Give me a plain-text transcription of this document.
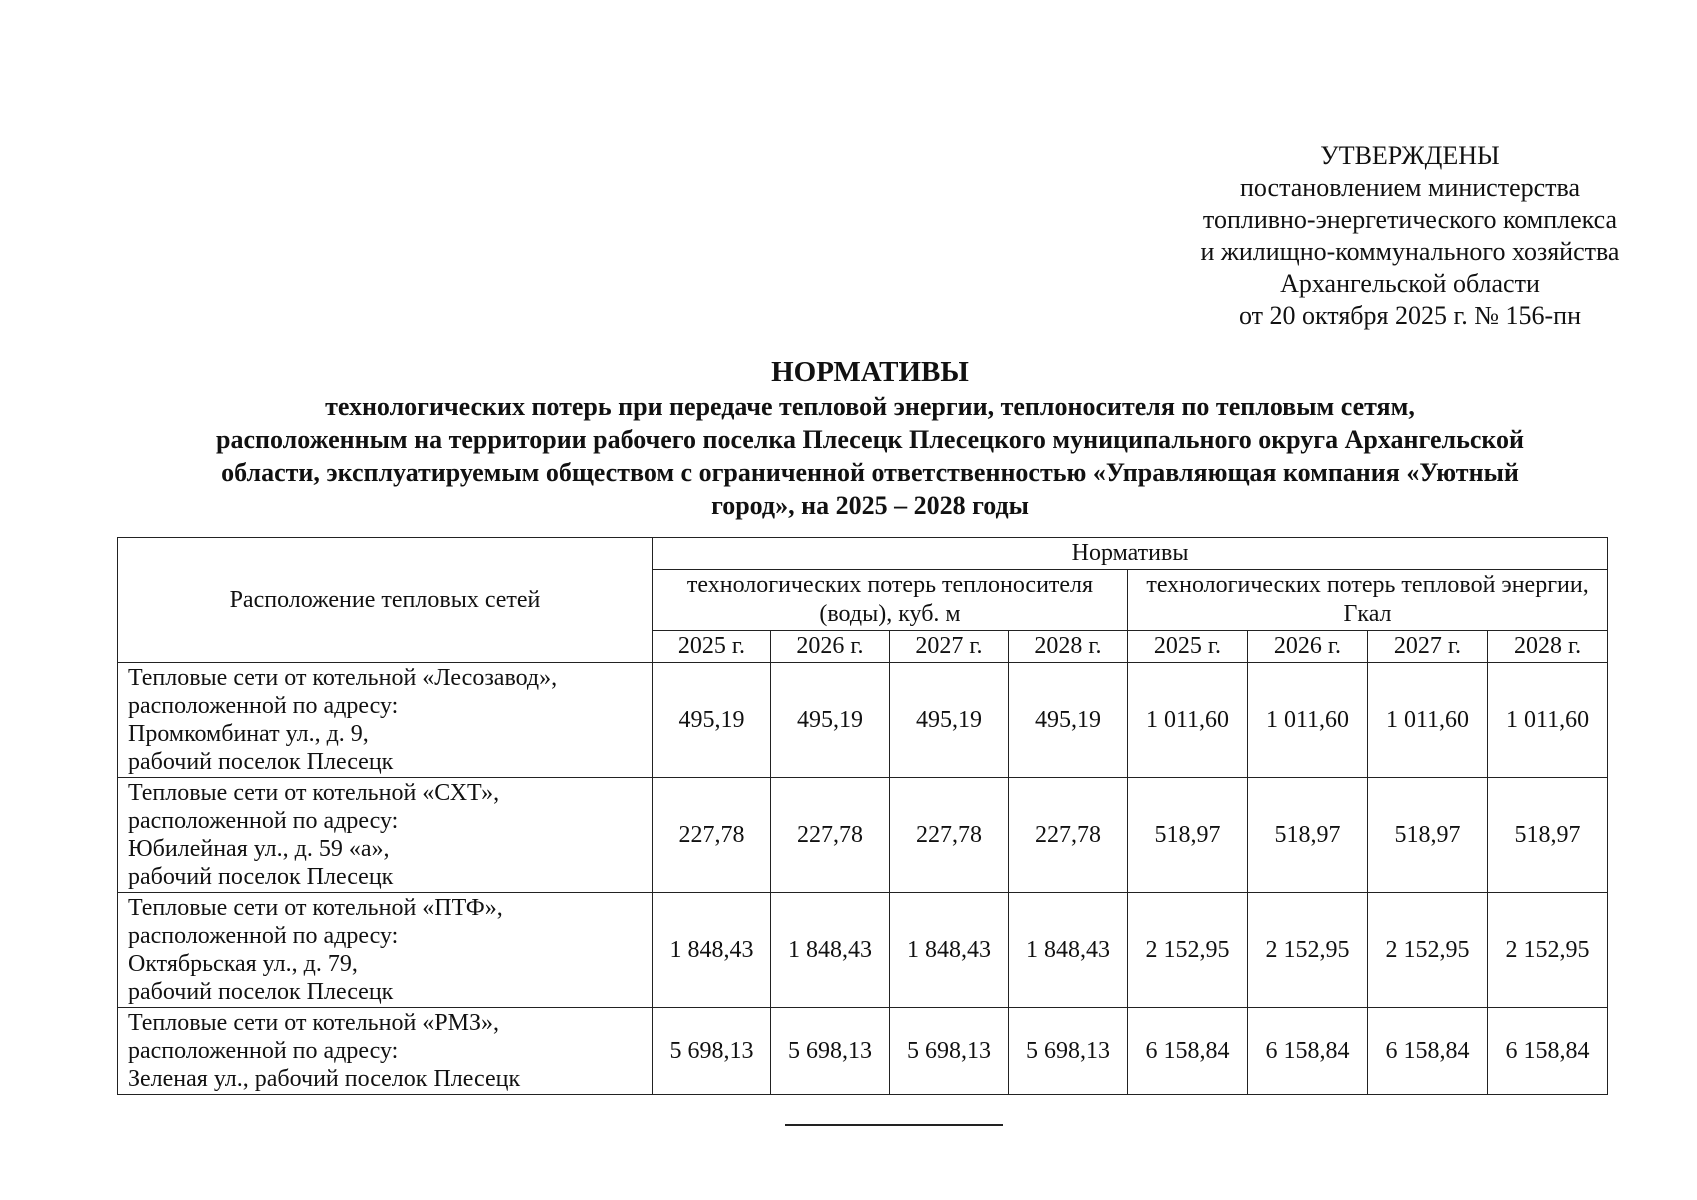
УТВЕРЖДЕНЫ
постановлением министерства
топливно-энергетического комплекса
и жилищно-коммунального хозяйства
Архангельской области
от 20 октября 2025 г. № 156-пн
НОРМАТИВЫ
технологических потерь при передаче тепловой энергии, теплоносителя по тепловым сетям,
расположенным на территории рабочего поселка Плесецк Плесецкого муниципального округа Архангельской
области, эксплуатируемым обществом с ограниченной ответственностью «Управляющая компания «Уютный
город», на 2025 – 2028 годы
Расположение тепловых сетей	Нормативы							
	технологических потерь теплоносителя (воды), куб. м				технологических потерь тепловой энергии, Гкал			
	2025 г.	2026 г.	2027 г.	2028 г.	2025 г.	2026 г.	2027 г.	2028 г.

Тепловые сети от котельной «Лесозавод»,
расположенной по адресу:
Промкомбинат ул., д. 9,
рабочий поселок Плесецк	495,19	495,19	495,19	495,19	1 011,60	1 011,60	1 011,60	1 011,60

Тепловые сети от котельной «СХТ»,
расположенной по адресу:
Юбилейная ул., д. 59 «а»,
рабочий поселок Плесецк	227,78	227,78	227,78	227,78	518,97	518,97	518,97	518,97

Тепловые сети от котельной «ПТФ»,
расположенной по адресу:
Октябрьская ул., д. 79,
рабочий поселок Плесецк	1 848,43	1 848,43	1 848,43	1 848,43	2 152,95	2 152,95	2 152,95	2 152,95

Тепловые сети от котельной «РМЗ»,
расположенной по адресу:
Зеленая ул., рабочий поселок Плесецк	5 698,13	5 698,13	5 698,13	5 698,13	6 158,84	6 158,84	6 158,84	6 158,84
